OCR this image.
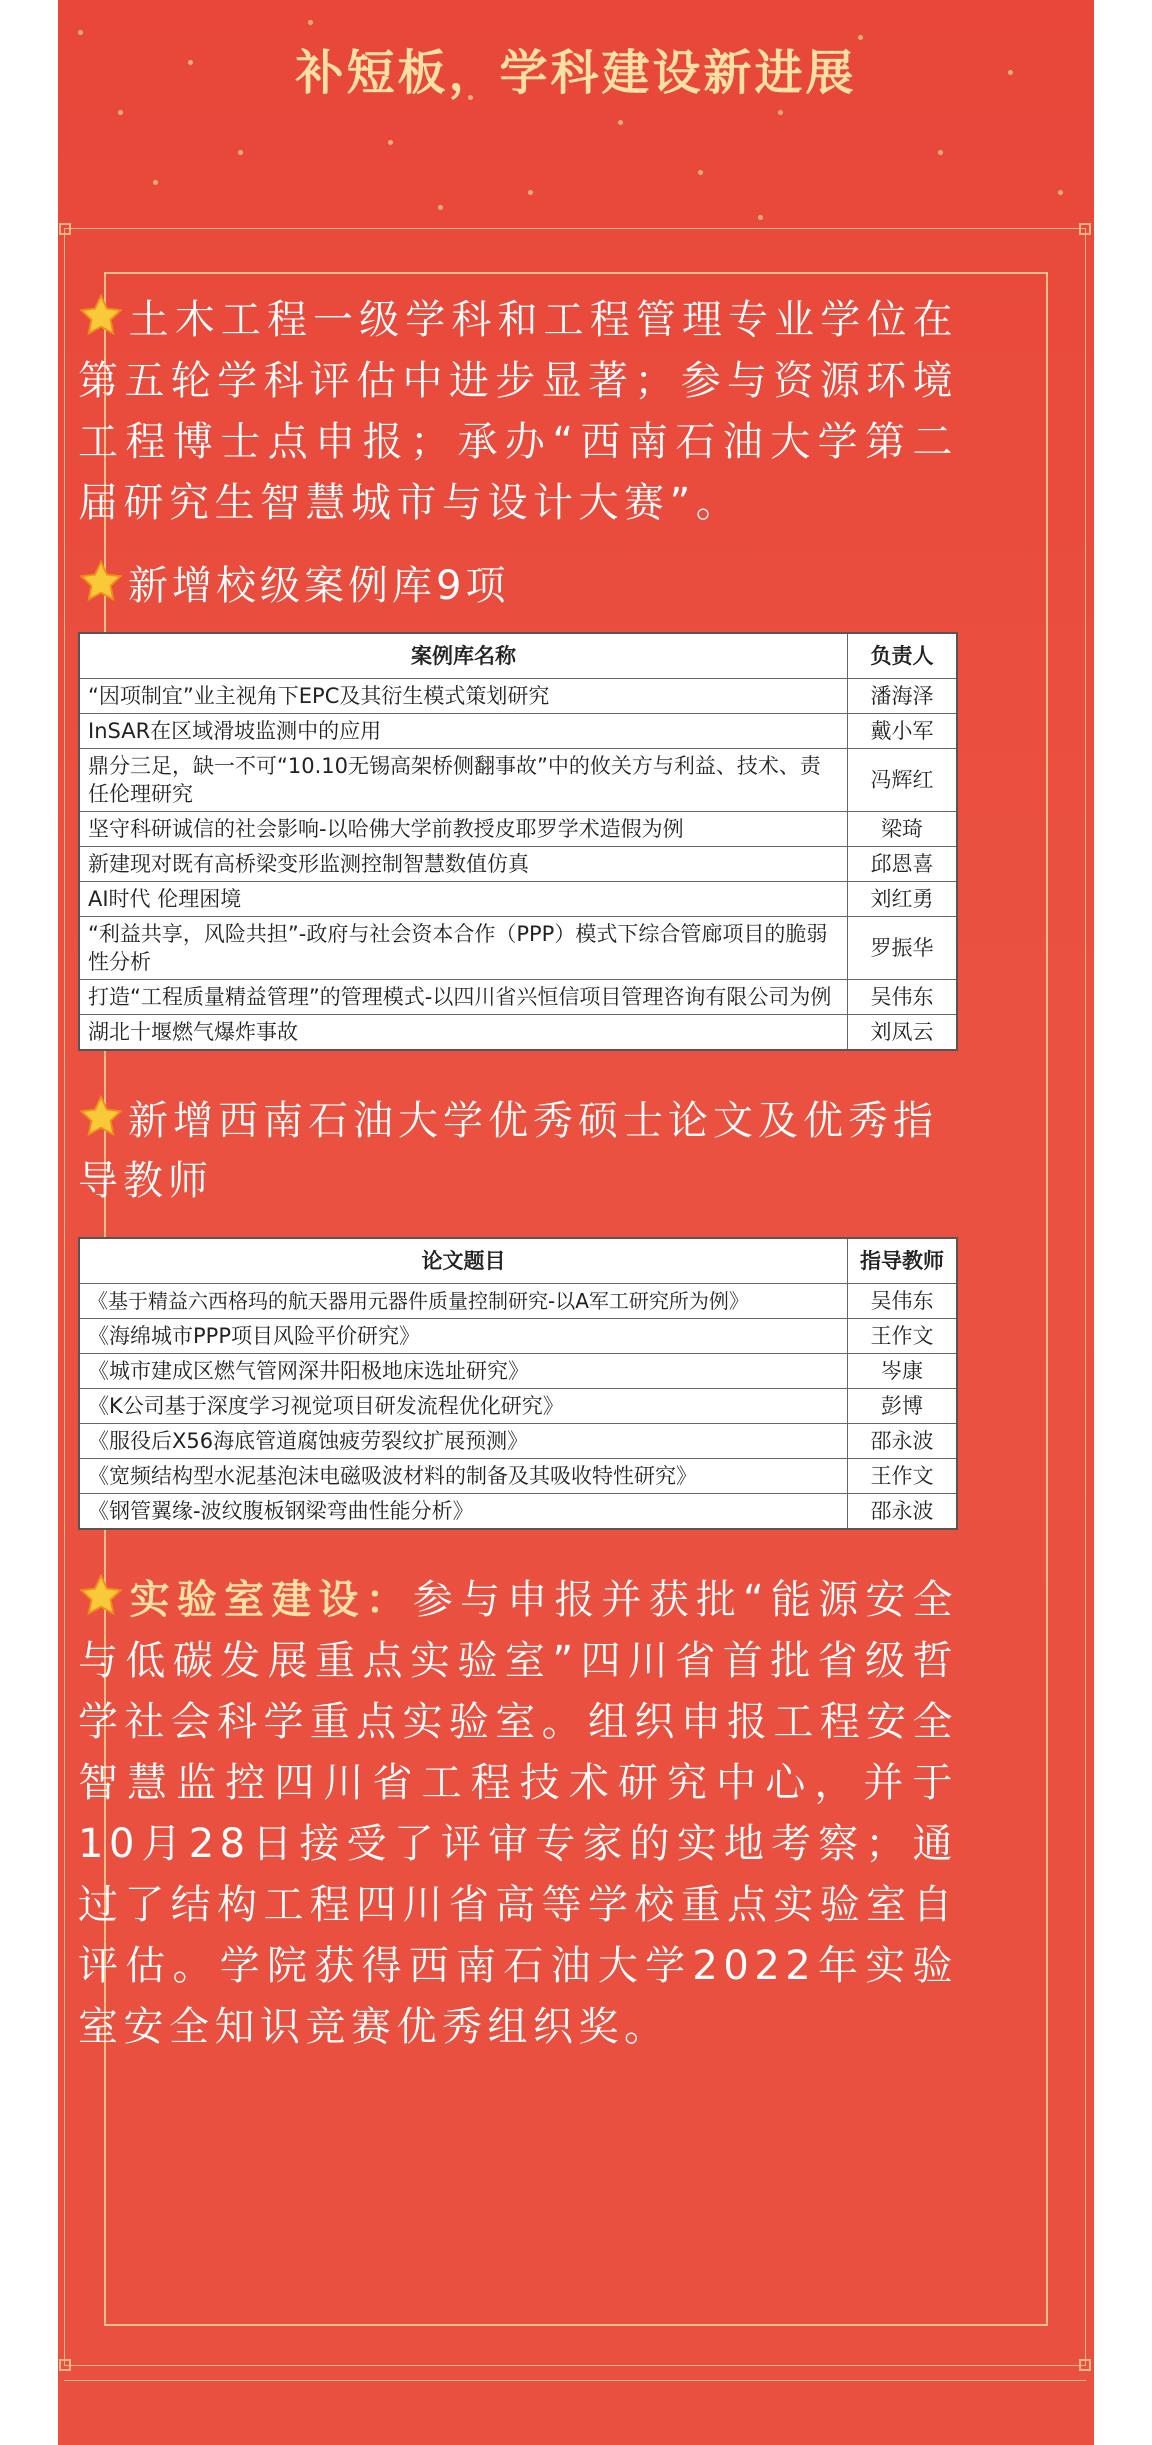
补短板，学科建设新进展

土木工程一级学科和工程管理专业学位在第五轮学科评估中进步显著；参与资源环境工程博士点申报；承办“西南石油大学第二届研究生智慧城市与设计大赛”。

新增校级案例库9项

案例库名称	负责人
“因项制宜”业主视角下EPC及其衍生模式策划研究	潘海泽
InSAR在区域滑坡监测中的应用	戴小军
鼎分三足，缺一不可“10.10无锡高架桥侧翻事故”中的攸关方与利益、技术、责任伦理研究	冯辉红
坚守科研诚信的社会影响-以哈佛大学前教授皮耶罗学术造假为例	梁琦
新建现对既有高桥梁变形监测控制智慧数值仿真	邱恩喜
AI时代 伦理困境	刘红勇
“利益共享，风险共担”-政府与社会资本合作（PPP）模式下综合管廊项目的脆弱性分析	罗振华
打造“工程质量精益管理”的管理模式-以四川省兴恒信项目管理咨询有限公司为例	吴伟东
湖北十堰燃气爆炸事故	刘凤云

新增西南石油大学优秀硕士论文及优秀指导教师

论文题目	指导教师
《基于精益六西格玛的航天器用元器件质量控制研究-以A军工研究所为例》	吴伟东
《海绵城市PPP项目风险平价研究》	王作文
《城市建成区燃气管网深井阳极地床选址研究》	岑康
《K公司基于深度学习视觉项目研发流程优化研究》	彭博
《服役后X56海底管道腐蚀疲劳裂纹扩展预测》	邵永波
《宽频结构型水泥基泡沫电磁吸波材料的制备及其吸收特性研究》	王作文
《钢管翼缘-波纹腹板钢梁弯曲性能分析》	邵永波

实验室建设：参与申报并获批“能源安全与低碳发展重点实验室”四川省首批省级哲学社会科学重点实验室。组织申报工程安全智慧监控四川省工程技术研究中心，并于10月28日接受了评审专家的实地考察；通过了结构工程四川省高等学校重点实验室自评估。学院获得西南石油大学2022年实验室安全知识竞赛优秀组织奖。
